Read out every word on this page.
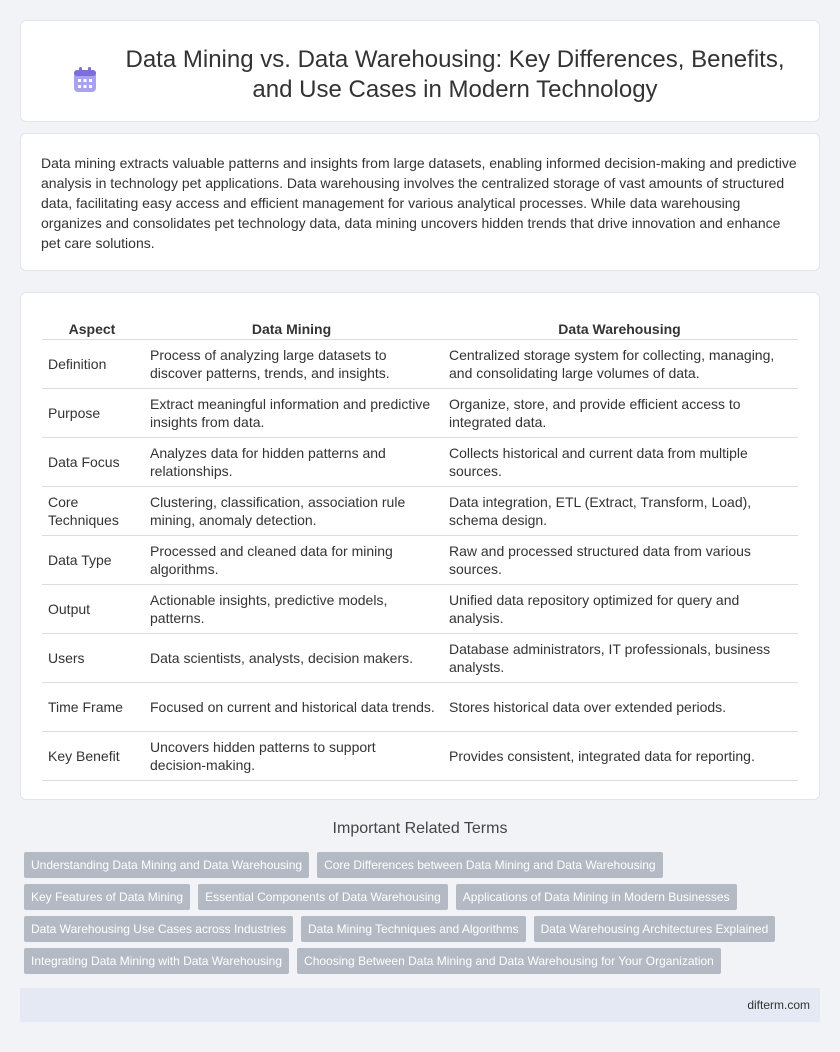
Data Mining vs. Data Warehousing: Key Differences, Benefits, and Use Cases in Modern Technology

Data mining extracts valuable patterns and insights from large datasets, enabling informed decision-making and predictive analysis in technology pet applications. Data warehousing involves the centralized storage of vast amounts of structured data, facilitating easy access and efficient management for various analytical processes. While data warehousing organizes and consolidates pet technology data, data mining uncovers hidden trends that drive innovation and enhance pet care solutions.

Aspect	Data Mining	Data Warehousing
Definition	Process of analyzing large datasets to discover patterns, trends, and insights.	Centralized storage system for collecting, managing, and consolidating large volumes of data.
Purpose	Extract meaningful information and predictive insights from data.	Organize, store, and provide efficient access to integrated data.
Data Focus	Analyzes data for hidden patterns and relationships.	Collects historical and current data from multiple sources.
Core Techniques	Clustering, classification, association rule mining, anomaly detection.	Data integration, ETL (Extract, Transform, Load), schema design.
Data Type	Processed and cleaned data for mining algorithms.	Raw and processed structured data from various sources.
Output	Actionable insights, predictive models, patterns.	Unified data repository optimized for query and analysis.
Users	Data scientists, analysts, decision makers.	Database administrators, IT professionals, business analysts.
Time Frame	Focused on current and historical data trends.	Stores historical data over extended periods.
Key Benefit	Uncovers hidden patterns to support decision-making.	Provides consistent, integrated data for reporting.
Important Related Terms
Understanding Data Mining and Data Warehousing	Core Differences between Data Mining and Data Warehousing
Key Features of Data Mining	Essential Components of Data Warehousing	Applications of Data Mining in Modern Businesses
Data Warehousing Use Cases across Industries	Data Mining Techniques and Algorithms	Data Warehousing Architectures Explained
Integrating Data Mining with Data Warehousing	Choosing Between Data Mining and Data Warehousing for Your Organization
difterm.com
